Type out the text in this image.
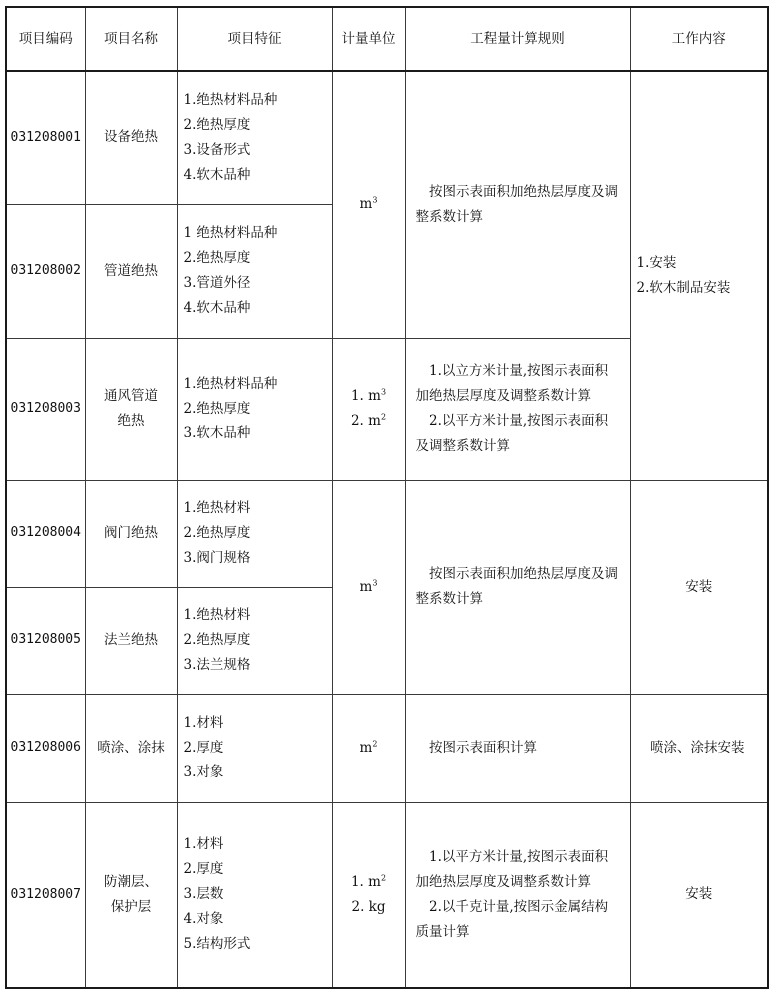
项目编码	项目名称	项目特征	计量单位	工程量计算规则	工作内容
031208001	设备绝热	1.绝热材料品种
2.绝热厚度
3.设备形式
4.软木品种	$m^3$	按图示表面积加绝热层厚度及调整系数计算	1.安装
2.软木制品安装

031208002	管道绝热	1 绝热材料品种
2.绝热厚度
3.管道外径
4.软木品种			

031208003	通风管道
绝热	1.绝热材料品种
2.绝热厚度
3.软木品种	1. $m^3$
2. $m^2$	1.以立方米计量,按图示表面积加绝热层厚度及调整系数计算
2.以平方米计量,按图示表面积及调整系数计算	

031208004	阀门绝热	1.绝热材料
2.绝热厚度
3.阀门规格	$m^3$	按图示表面积加绝热层厚度及调整系数计算	安装
031208005	法兰绝热	1.绝热材料
2.绝热厚度
3.法兰规格			

031208006	喷涂、涂抹	1.材料
2.厚度
3.对象	$m^2$	按图示表面积计算	喷涂、涂抹安装

031208007	防潮层、
保护层	1.材料
2.厚度
3.层数
4.对象
5.结构形式	1. $m^2$
2. kg	1.以平方米计量,按图示表面积加绝热层厚度及调整系数计算
2.以千克计量,按图示金属结构质量计算	安装
